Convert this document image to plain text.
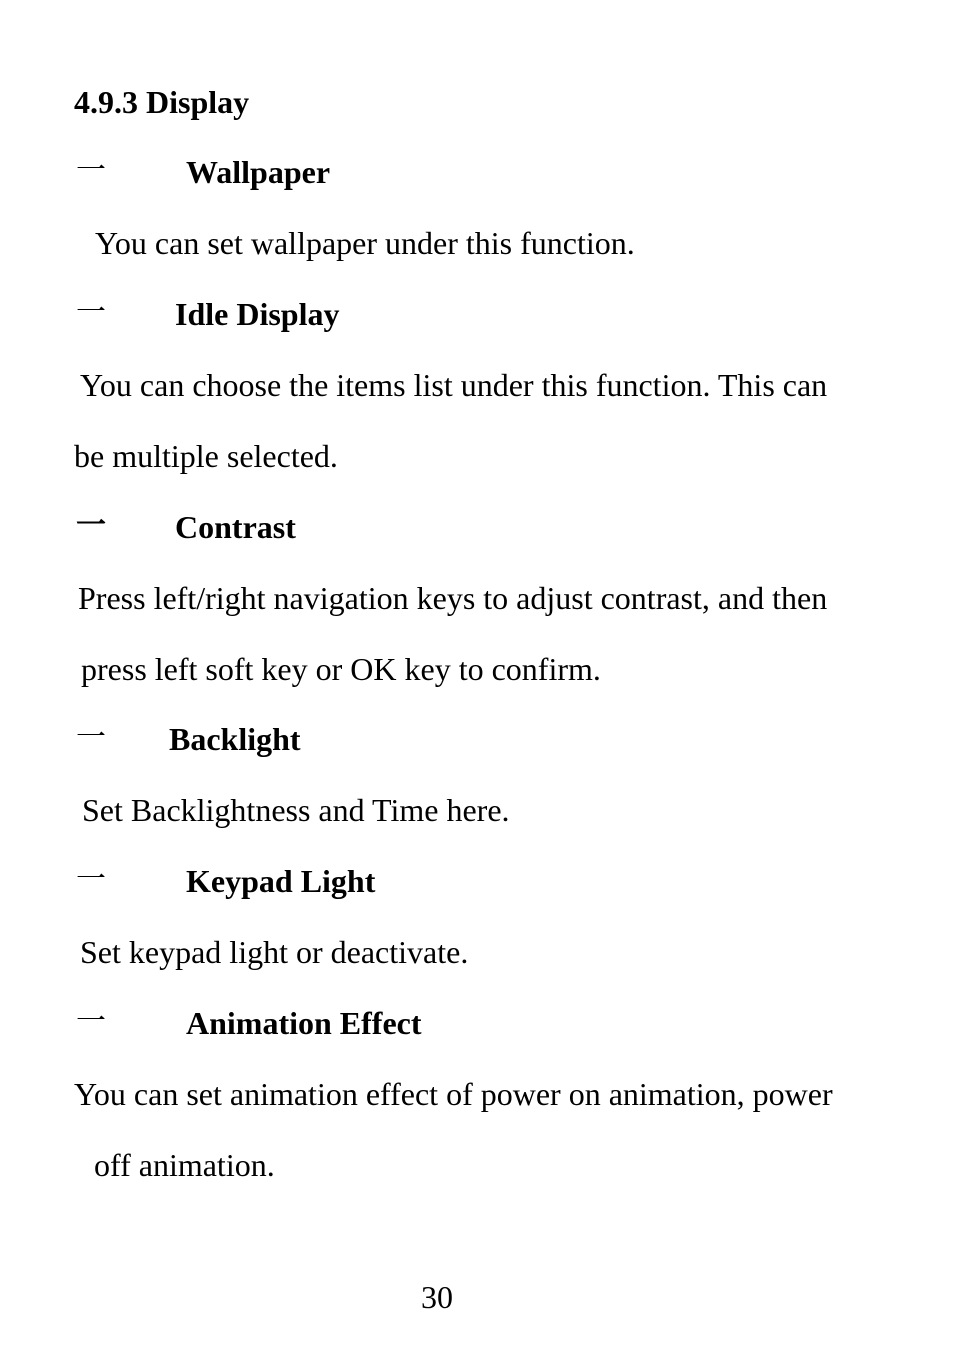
4.9.3 Display
一	Wallpaper
You can set wallpaper under this function.
一 Idle Display
You can choose the items list under this function. This can
be multiple selected.
一 Contrast
Press left/right navigation keys to adjust contrast, and then
press left soft key or OK key to confirm.
一 Backlight
Set Backlightness and Time here.
一	Keypad Light
Set keypad light or deactivate.
一	Animation Effect
You can set animation effect of power on animation, power
off animation.
30
